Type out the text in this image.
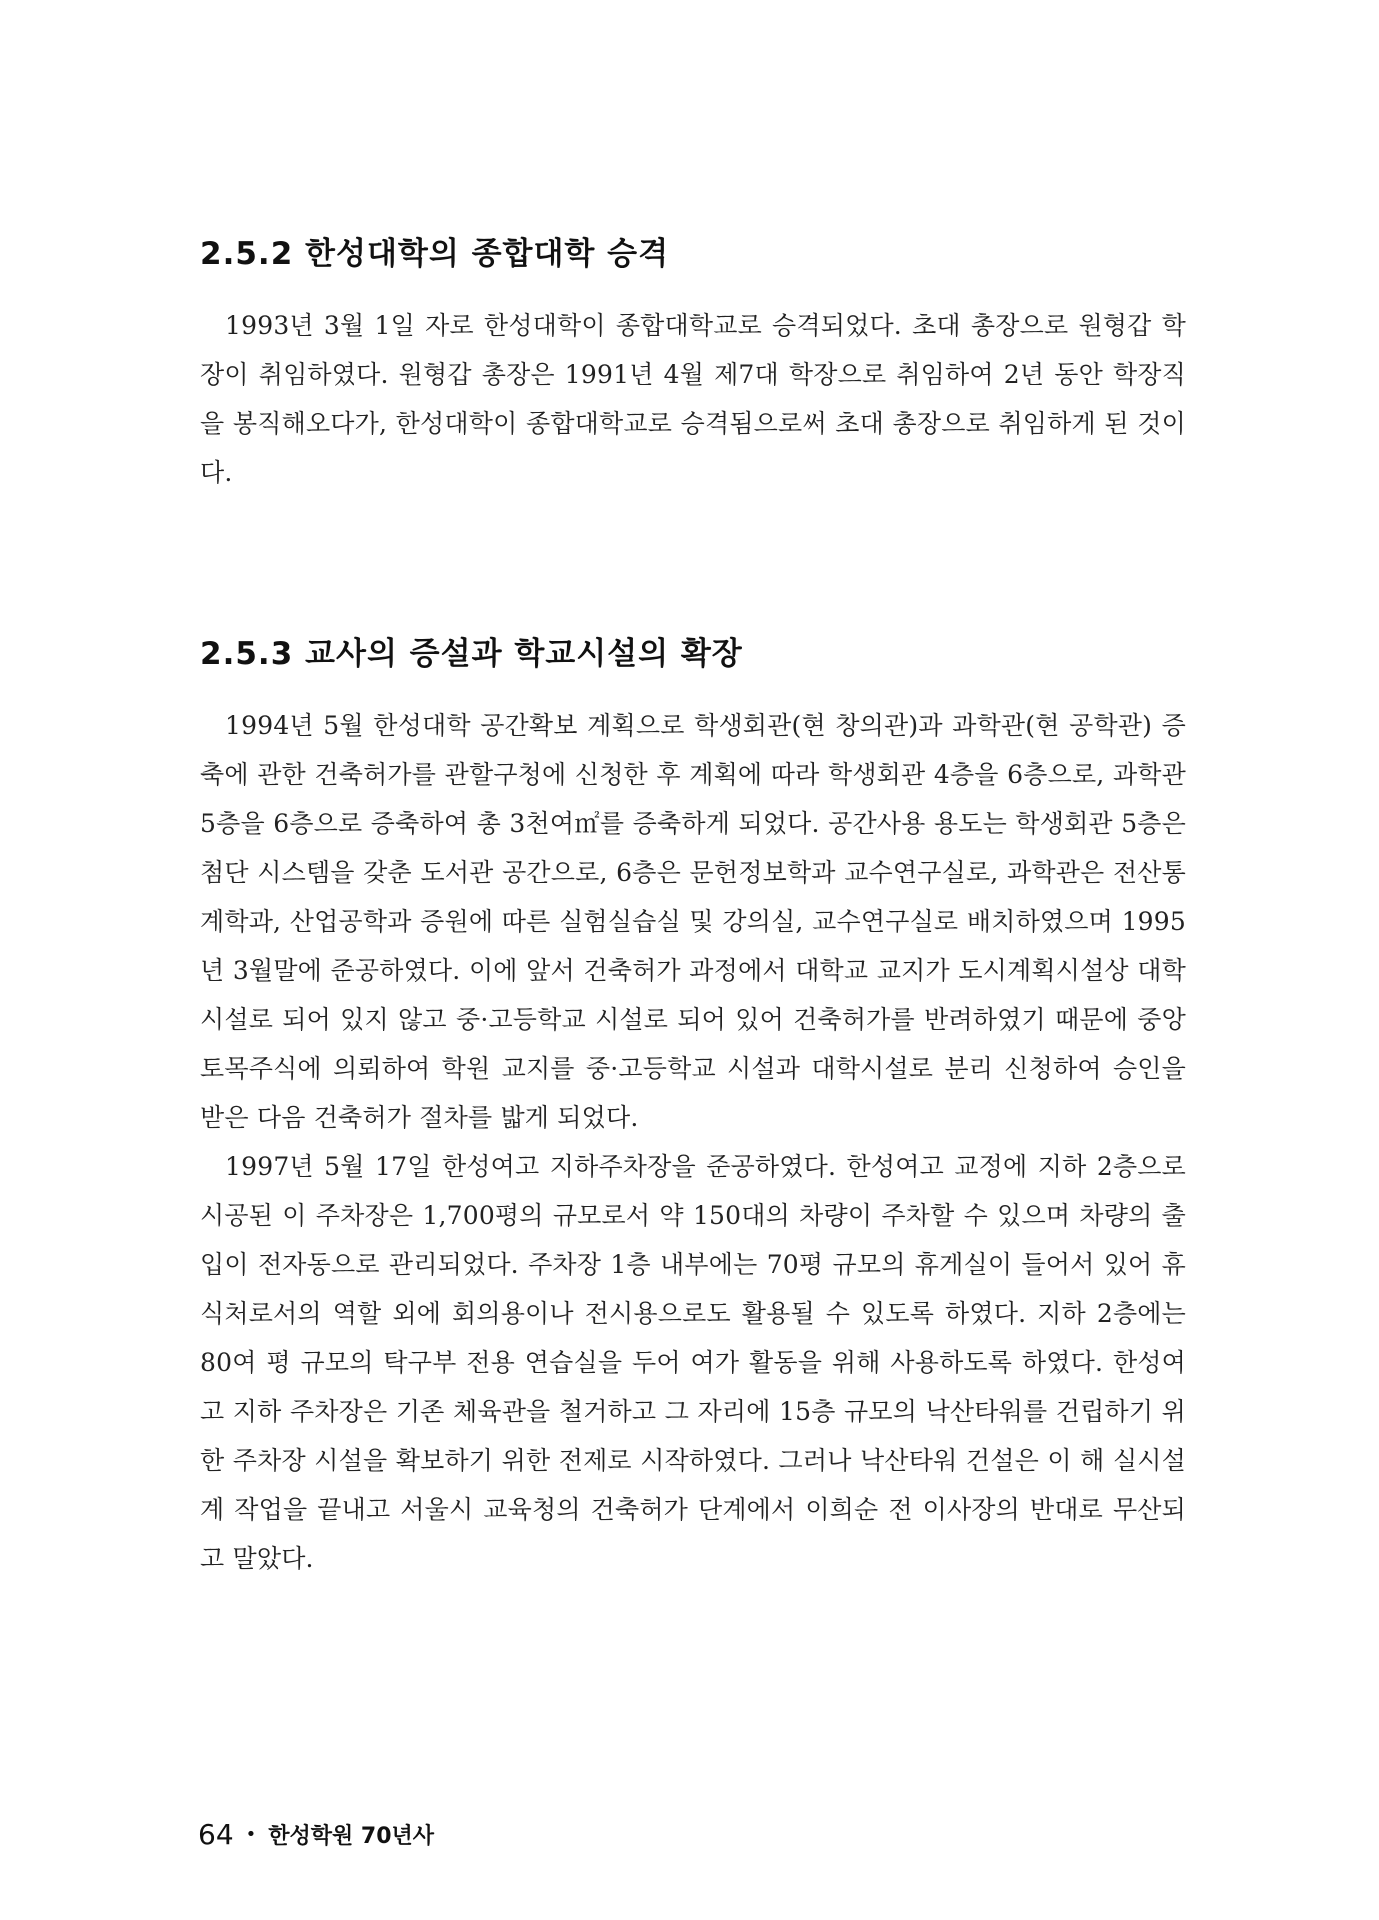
2.5.2 한성대학의 종합대학 승격

1993년 3월 1일 자로 한성대학이 종합대학교로 승격되었다. 초대 총장으로 원형갑 학장이 취임하였다. 원형갑 총장은 1991년 4월 제7대 학장으로 취임하여 2년 동안 학장직을 봉직해오다가, 한성대학이 종합대학교로 승격됨으로써 초대 총장으로 취임하게 된 것이다.

2.5.3 교사의 증설과 학교시설의 확장

1994년 5월 한성대학 공간확보 계획으로 학생회관(현 창의관)과 과학관(현 공학관) 증축에 관한 건축허가를 관할구청에 신청한 후 계획에 따라 학생회관 4층을 6층으로, 과학관 5층을 6층으로 증축하여 총 3천여㎡를 증축하게 되었다. 공간사용 용도는 학생회관 5층은 첨단 시스템을 갖춘 도서관 공간으로, 6층은 문헌정보학과 교수연구실로, 과학관은 전산통계학과, 산업공학과 증원에 따른 실험실습실 및 강의실, 교수연구실로 배치하였으며 1995년 3월말에 준공하였다. 이에 앞서 건축허가 과정에서 대학교 교지가 도시계획시설상 대학시설로 되어 있지 않고 중·고등학교 시설로 되어 있어 건축허가를 반려하였기 때문에 중앙토목주식에 의뢰하여 학원 교지를 중·고등학교 시설과 대학시설로 분리 신청하여 승인을 받은 다음 건축허가 절차를 밟게 되었다.

1997년 5월 17일 한성여고 지하주차장을 준공하였다. 한성여고 교정에 지하 2층으로 시공된 이 주차장은 1,700평의 규모로서 약 150대의 차량이 주차할 수 있으며 차량의 출입이 전자동으로 관리되었다. 주차장 1층 내부에는 70평 규모의 휴게실이 들어서 있어 휴식처로서의 역할 외에 회의용이나 전시용으로도 활용될 수 있도록 하였다. 지하 2층에는 80여 평 규모의 탁구부 전용 연습실을 두어 여가 활동을 위해 사용하도록 하였다. 한성여고 지하 주차장은 기존 체육관을 철거하고 그 자리에 15층 규모의 낙산타워를 건립하기 위한 주차장 시설을 확보하기 위한 전제로 시작하였다. 그러나 낙산타워 건설은 이 해 실시설계 작업을 끝내고 서울시 교육청의 건축허가 단계에서 이희순 전 이사장의 반대로 무산되고 말았다.

64 • 한성학원 70년사
